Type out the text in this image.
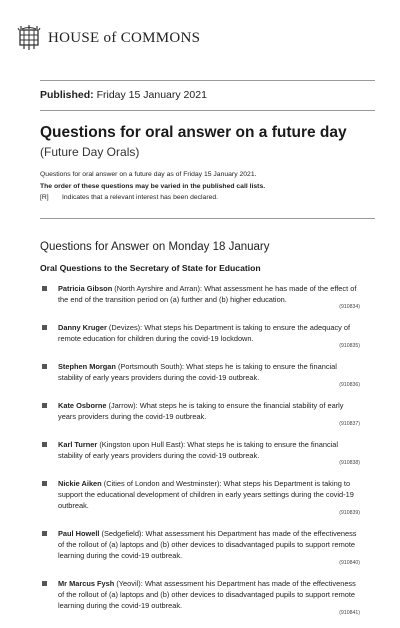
HOUSE of COMMONS
Published: Friday 15 January 2021
Questions for oral answer on a future day
(Future Day Orals)
Questions for oral answer on a future day as of Friday 15 January 2021.
The order of these questions may be varied in the published call lists.
[R] Indicates that a relevant interest has been declared.
Questions for Answer on Monday 18 January
Oral Questions to the Secretary of State for Education
Patricia Gibson (North Ayrshire and Arran): What assessment he has made of the effect of the end of the transition period on (a) further and (b) higher education.
(910834)
Danny Kruger (Devizes): What steps his Department is taking to ensure the adequacy of remote education for children during the covid-19 lockdown.
(910835)
Stephen Morgan (Portsmouth South): What steps he is taking to ensure the financial stability of early years providers during the covid-19 outbreak.
(910836)
Kate Osborne (Jarrow): What steps he is taking to ensure the financial stability of early years providers during the covid-19 outbreak.
(910837)
Karl Turner (Kingston upon Hull East): What steps he is taking to ensure the financial stability of early years providers during the covid-19 outbreak.
(910838)
Nickie Aiken (Cities of London and Westminster): What steps his Department is taking to support the educational development of children in early years settings during the covid-19 outbreak.
(910839)
Paul Howell (Sedgefield): What assessment his Department has made of the effectiveness of the rollout of (a) laptops and (b) other devices to disadvantaged pupils to support remote learning during the covid-19 outbreak.
(910840)
Mr Marcus Fysh (Yeovil): What assessment his Department has made of the effectiveness of the rollout of (a) laptops and (b) other devices to disadvantaged pupils to support remote learning during the covid-19 outbreak.
(910841)
